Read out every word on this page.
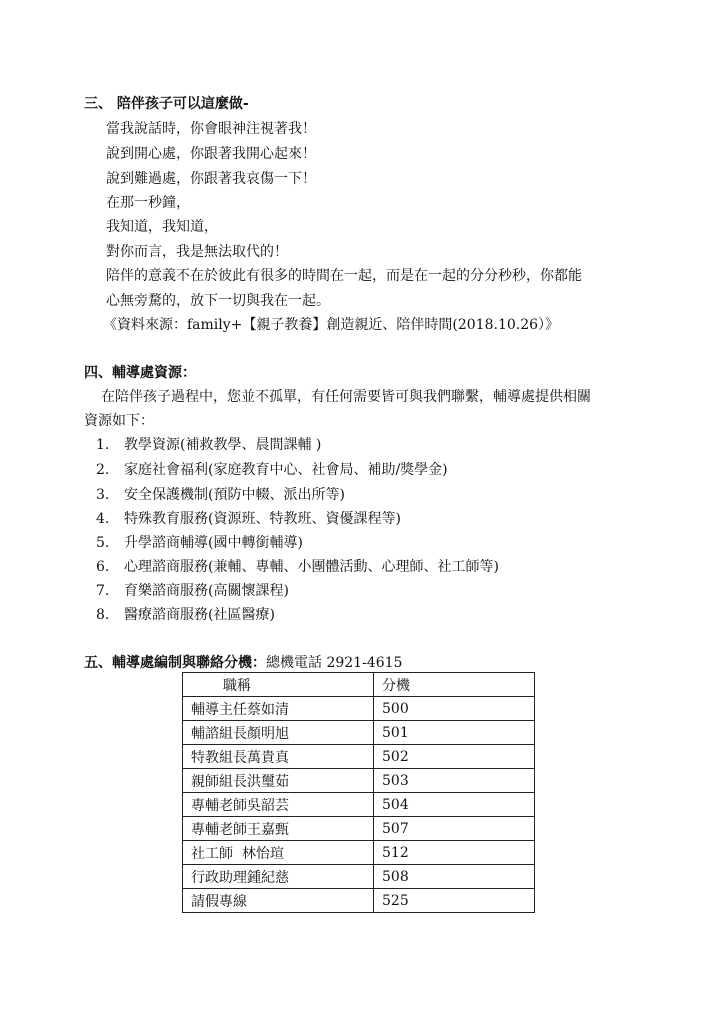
三、 陪伴孩子可以這麼做-
當我說話時，你會眼神注視著我！
說到開心處，你跟著我開心起來！
說到難過處，你跟著我哀傷一下！
在那一秒鐘，
我知道，我知道，
對你而言，我是無法取代的！
陪伴的意義不在於彼此有很多的時間在一起，而是在一起的分分秒秒，你都能
心無旁騖的，放下一切與我在一起。
《資料來源：family+【親子教養】創造親近、陪伴時間(2018.10.26）》
四、輔導處資源：
在陪伴孩子過程中，您並不孤單，有任何需要皆可與我們聯繫，輔導處提供相關
資源如下：
1. 教學資源(補救教學、晨間課輔 )
2. 家庭社會福利(家庭教育中心、社會局、補助/獎學金)
3. 安全保護機制(預防中輟、派出所等)
4. 特殊教育服務(資源班、特教班、資優課程等)
5. 升學諮商輔導(國中轉銜輔導)
6. 心理諮商服務(兼輔、專輔、小團體活動、心理師、社工師等)
7. 育樂諮商服務(高關懷課程)
8. 醫療諮商服務(社區醫療)
五、輔導處編制與聯絡分機：總機電話 2921-4615
職稱	分機
輔導主任蔡如清	500
輔諮組長顏明旭	501
特教組長萬貴真	502
親師組長洪璽茹	503
專輔老師吳韶芸	504
專輔老師王嘉甄	507
社工師  林怡瑄	512
行政助理鍾紀慈	508
請假專線	525
